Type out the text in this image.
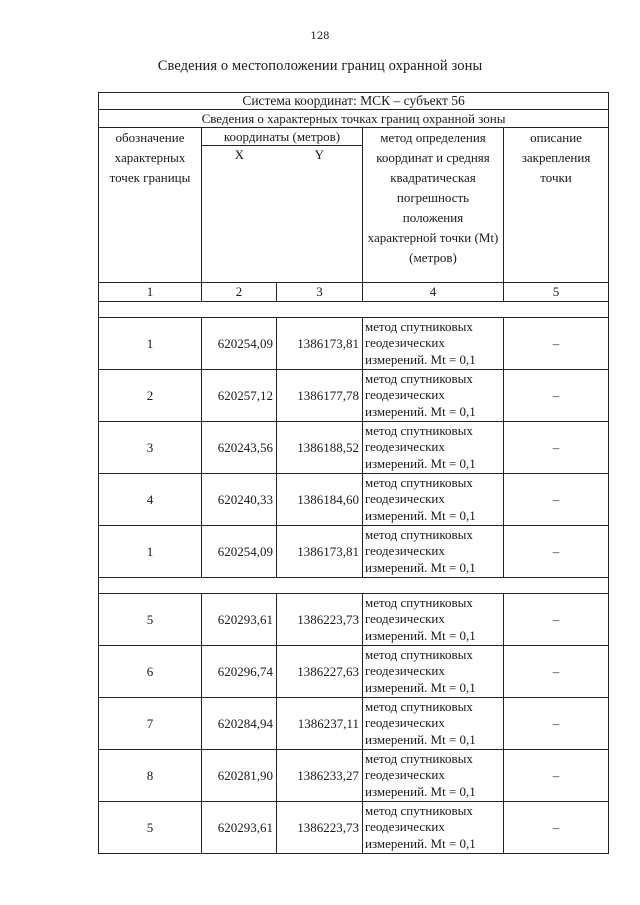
128
Сведения о местоположении границ охранной зоны
Система координат: МСК – субъект 56				
Сведения о характерных точках границ охранной зоны				
обозначение характерных точек границы	координаты (метров)
X Y		метод определения координат и средняя квадратическая погрешность положения характерной точки (Mt) (метров)	описание закрепления точки
1	2	3	4	5

1	620254,09	1386173,81	метод спутниковых
геодезических
измерений. Mt = 0,1	–
2	620257,12	1386177,78	метод спутниковых
геодезических
измерений. Mt = 0,1	–
3	620243,56	1386188,52	метод спутниковых
геодезических
измерений. Mt = 0,1	–
4	620240,33	1386184,60	метод спутниковых
геодезических
измерений. Mt = 0,1	–
1	620254,09	1386173,81	метод спутниковых
геодезических
измерений. Mt = 0,1	–

5	620293,61	1386223,73	метод спутниковых
геодезических
измерений. Mt = 0,1	–
6	620296,74	1386227,63	метод спутниковых
геодезических
измерений. Mt = 0,1	–
7	620284,94	1386237,11	метод спутниковых
геодезических
измерений. Mt = 0,1	–
8	620281,90	1386233,27	метод спутниковых
геодезических
измерений. Mt = 0,1	–
5	620293,61	1386223,73	метод спутниковых
геодезических
измерений. Mt = 0,1	–
